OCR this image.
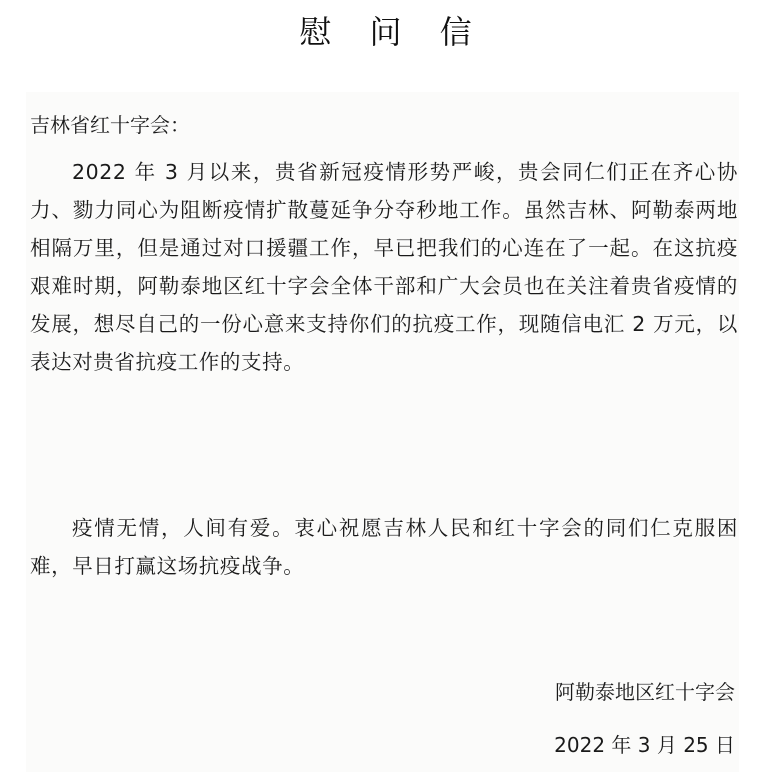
慰 问 信
吉林省红十字会：

2022 年 3 月以来，贵省新冠疫情形势严峻，贵会同仁们正在齐心协力、勠力同心为阻断疫情扩散蔓延争分夺秒地工作。虽然吉林、阿勒泰两地相隔万里，但是通过对口援疆工作，早已把我们的心连在了一起。在这抗疫艰难时期，阿勒泰地区红十字会全体干部和广大会员也在关注着贵省疫情的发展，想尽自己的一份心意来支持你们的抗疫工作，现随信电汇 2 万元，以表达对贵省抗疫工作的支持。

疫情无情，人间有爱。衷心祝愿吉林人民和红十字会的同们仁克服困难，早日打赢这场抗疫战争。

阿勒泰地区红十字会
2022 年 3 月 25 日
